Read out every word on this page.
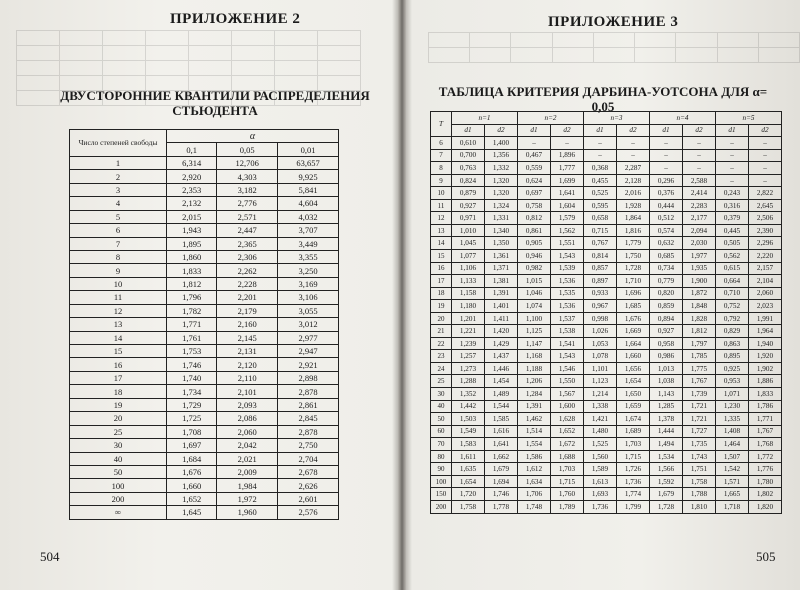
ПРИЛОЖЕНИЕ 2
ДВУСТОРОННИЕ КВАНТИЛИ РАСПРЕДЕЛЕНИЯ
СТЬЮДЕНТА
Число степеней свободы	α		
	0,1	0,05	0,01
1	6,314	12,706	63,657
2	2,920	4,303	9,925
3	2,353	3,182	5,841
4	2,132	2,776	4,604
5	2,015	2,571	4,032
6	1,943	2,447	3,707
7	1,895	2,365	3,449
8	1,860	2,306	3,355
9	1,833	2,262	3,250
10	1,812	2,228	3,169
11	1,796	2,201	3,106
12	1,782	2,179	3,055
13	1,771	2,160	3,012
14	1,761	2,145	2,977
15	1,753	2,131	2,947
16	1,746	2,120	2,921
17	1,740	2,110	2,898
18	1,734	2,101	2,878
19	1,729	2,093	2,861
20	1,725	2,086	2,845
25	1,708	2,060	2,878
30	1,697	2,042	2,750
40	1,684	2,021	2,704
50	1,676	2,009	2,678
100	1,660	1,984	2,626
200	1,652	1,972	2,601
∞	1,645	1,960	2,576
504

ПРИЛОЖЕНИЕ 3
ТАБЛИЦА КРИТЕРИЯ ДАРБИНА-УОТСОНА ДЛЯ α= 0,05
T	n=1		n=2		n=3		n=4		n=5	
	d1	d2	d1	d2	d1	d2	d1	d2	d1	d2
6	0,610	1,400	–	–	–	–	–	–	–	–
7	0,700	1,356	0,467	1,896	–	–	–	–	–	–
8	0,763	1,332	0,559	1,777	0,368	2,287	–	–	–	–
9	0,824	1,320	0,624	1,699	0,455	2,128	0,296	2,588	–	–
10	0,879	1,320	0,697	1,641	0,525	2,016	0,376	2,414	0,243	2,822
11	0,927	1,324	0,758	1,604	0,595	1,928	0,444	2,283	0,316	2,645
12	0,971	1,331	0,812	1,579	0,658	1,864	0,512	2,177	0,379	2,506
13	1,010	1,340	0,861	1,562	0,715	1,816	0,574	2,094	0,445	2,390
14	1,045	1,350	0,905	1,551	0,767	1,779	0,632	2,030	0,505	2,296
15	1,077	1,361	0,946	1,543	0,814	1,750	0,685	1,977	0,562	2,220
16	1,106	1,371	0,982	1,539	0,857	1,728	0,734	1,935	0,615	2,157
17	1,133	1,381	1,015	1,536	0,897	1,710	0,779	1,900	0,664	2,104
18	1,158	1,391	1,046	1,535	0,933	1,696	0,820	1,872	0,710	2,060
19	1,180	1,401	1,074	1,536	0,967	1,685	0,859	1,848	0,752	2,023
20	1,201	1,411	1,100	1,537	0,998	1,676	0,894	1,828	0,792	1,991
21	1,221	1,420	1,125	1,538	1,026	1,669	0,927	1,812	0,829	1,964
22	1,239	1,429	1,147	1,541	1,053	1,664	0,958	1,797	0,863	1,940
23	1,257	1,437	1,168	1,543	1,078	1,660	0,986	1,785	0,895	1,920
24	1,273	1,446	1,188	1,546	1,101	1,656	1,013	1,775	0,925	1,902
25	1,288	1,454	1,206	1,550	1,123	1,654	1,038	1,767	0,953	1,886
30	1,352	1,489	1,284	1,567	1,214	1,650	1,143	1,739	1,071	1,833
40	1,442	1,544	1,391	1,600	1,338	1,659	1,285	1,721	1,230	1,786
50	1,503	1,585	1,462	1,628	1,421	1,674	1,378	1,721	1,335	1,771
60	1,549	1,616	1,514	1,652	1,480	1,689	1,444	1,727	1,408	1,767
70	1,583	1,641	1,554	1,672	1,525	1,703	1,494	1,735	1,464	1,768
80	1,611	1,662	1,586	1,688	1,560	1,715	1,534	1,743	1,507	1,772
90	1,635	1,679	1,612	1,703	1,589	1,726	1,566	1,751	1,542	1,776
100	1,654	1,694	1,634	1,715	1,613	1,736	1,592	1,758	1,571	1,780
150	1,720	1,746	1,706	1,760	1,693	1,774	1,679	1,788	1,665	1,802
200	1,758	1,778	1,748	1,789	1,736	1,799	1,728	1,810	1,718	1,820
505
